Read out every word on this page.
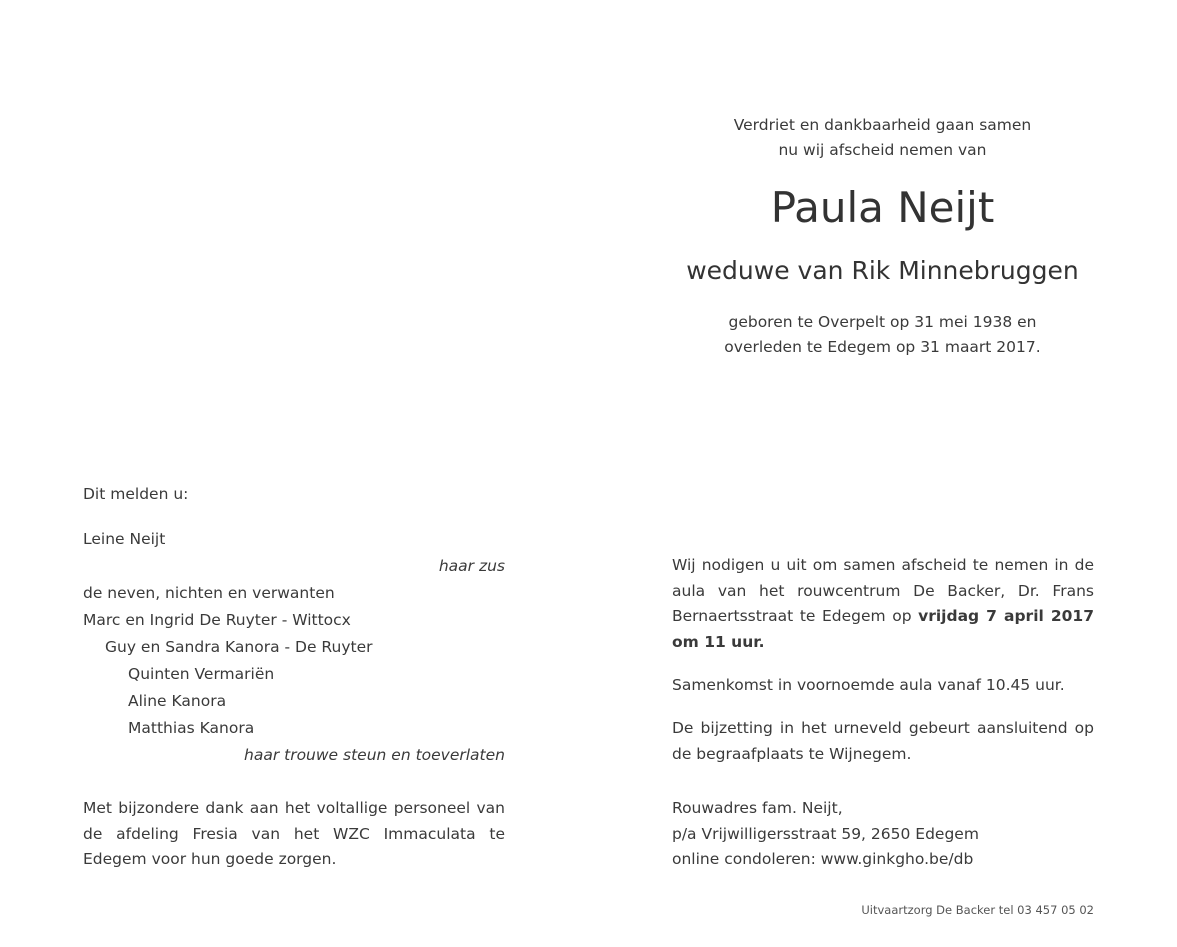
Verdriet en dankbaarheid gaan samen
nu wij afscheid nemen van
Paula Neijt
weduwe van Rik Minnebruggen
geboren te Overpelt op 31 mei 1938 en
overleden te Edegem op 31 maart 2017.
Dit melden u:
Leine Neijt
haar zus
de neven, nichten en verwanten
Marc en Ingrid De Ruyter - Wittocx
Guy en Sandra Kanora - De Ruyter
Quinten Vermariën
Aline Kanora
Matthias Kanora
haar trouwe steun en toeverlaten
Met bijzondere dank aan het voltallige personeel van de afdeling Fresia van het WZC Immaculata te Edegem voor hun goede zorgen.
Wij nodigen u uit om samen afscheid te nemen in de aula van het rouwcentrum De Backer, Dr. Frans Bernaertsstraat te Edegem op vrijdag 7 april 2017 om 11 uur.
Samenkomst in voornoemde aula vanaf 10.45 uur.
De bijzetting in het urneveld gebeurt aansluitend op de begraafplaats te Wijnegem.
Rouwadres fam. Neijt,
p/a Vrijwilligersstraat 59, 2650 Edegem
online condoleren: www.ginkgho.be/db
Uitvaartzorg De Backer tel 03 457 05 02
